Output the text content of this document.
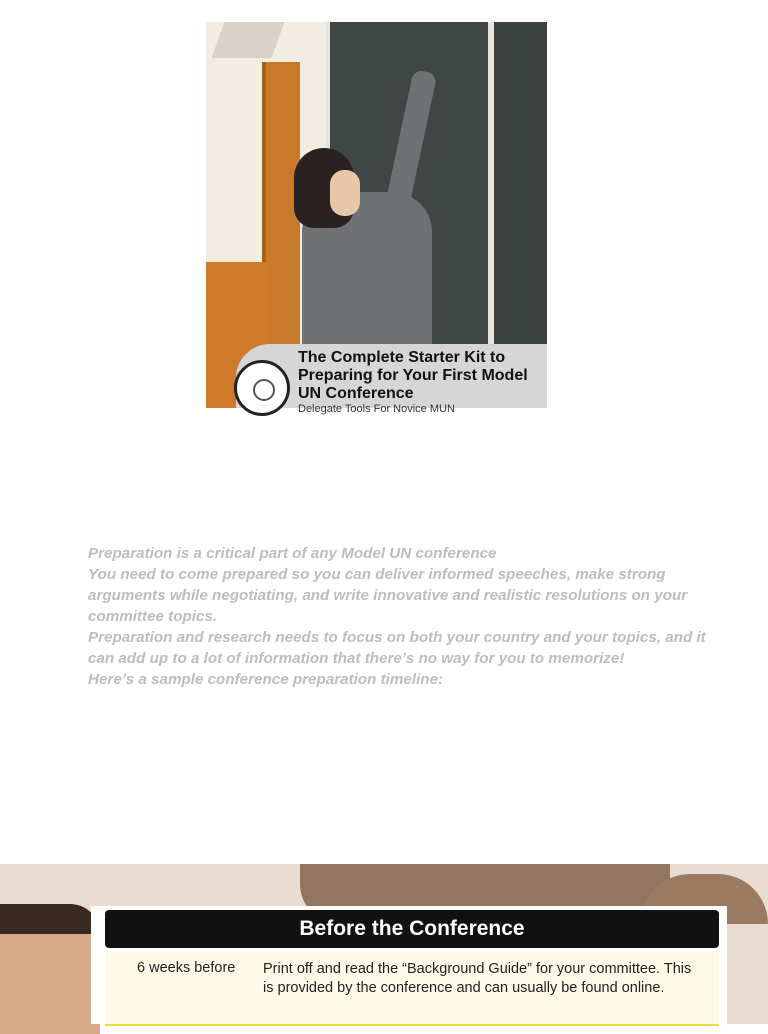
The Complete Starter Kit to Preparing for Your First Model UN Conference
Delegate Tools For Novice MUN

Preparation is a critical part of any Model UN conference

You need to come prepared so you can deliver informed speeches, make strong arguments while negotiating, and write innovative and realistic resolutions on your committee topics.

Preparation and research needs to focus on both your country and your topics, and it can add up to a lot of information that there’s no way for you to memorize!

Here’s a sample conference preparation timeline:

Before the Conference
6 weeks before Print off and read the “Background Guide” for your committee. This is provided by the conference and can usually be found online.
